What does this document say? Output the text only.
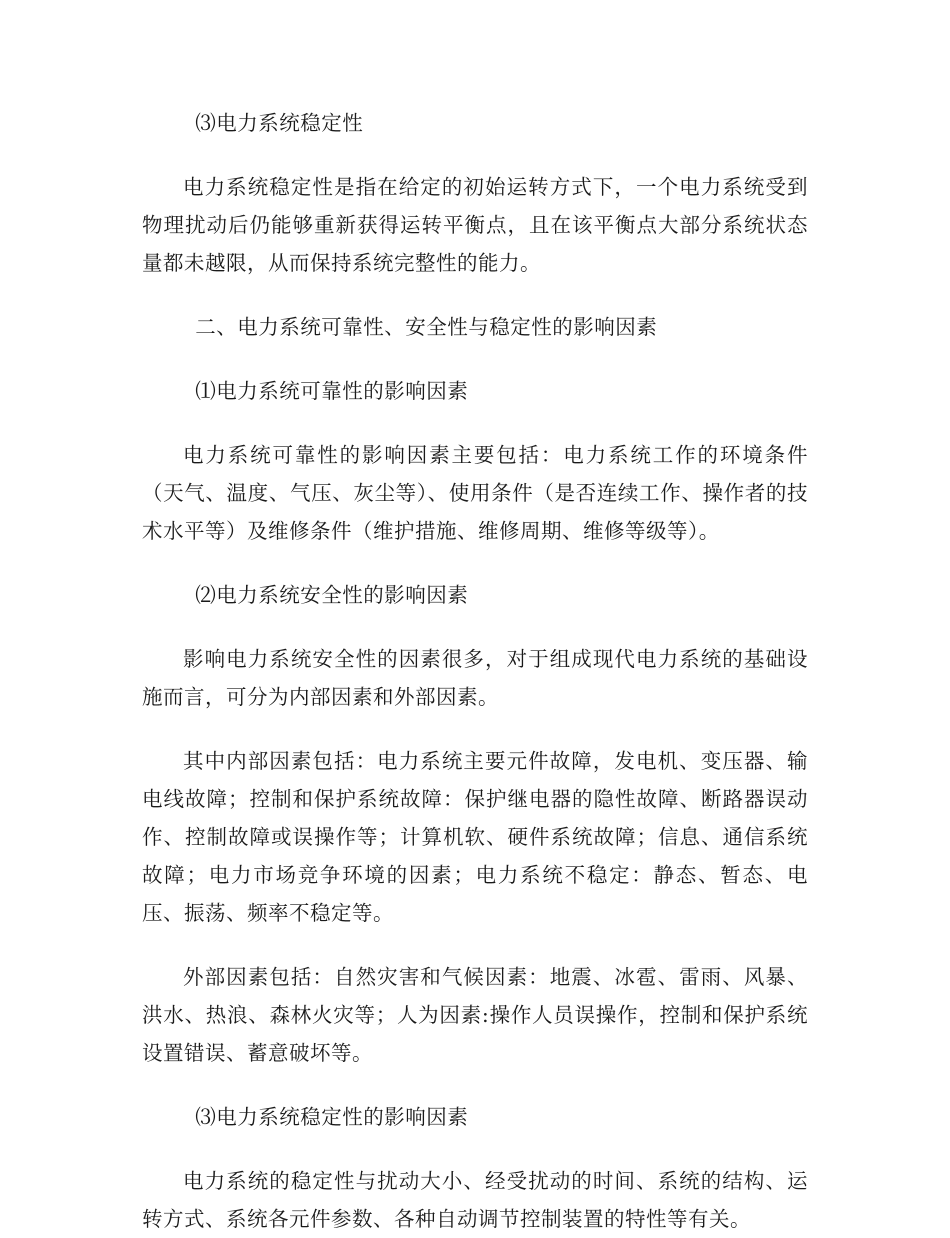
⑶电力系统稳定性

电力系统稳定性是指在给定的初始运转方式下，一个电力系统受到物理扰动后仍能够重新获得运转平衡点，且在该平衡点大部分系统状态量都未越限，从而保持系统完整性的能力。

二、电力系统可靠性、安全性与稳定性的影响因素

⑴电力系统可靠性的影响因素

电力系统可靠性的影响因素主要包括：电力系统工作的环境条件（天气、温度、气压、灰尘等）、使用条件（是否连续工作、操作者的技术水平等）及维修条件（维护措施、维修周期、维修等级等）。

⑵电力系统安全性的影响因素

影响电力系统安全性的因素很多，对于组成现代电力系统的基础设施而言，可分为内部因素和外部因素。

其中内部因素包括：电力系统主要元件故障，发电机、变压器、输电线故障；控制和保护系统故障：保护继电器的隐性故障、断路器误动作、控制故障或误操作等；计算机软、硬件系统故障；信息、通信系统故障；电力市场竞争环境的因素；电力系统不稳定：静态、暂态、电压、振荡、频率不稳定等。

外部因素包括：自然灾害和气候因素：地震、冰雹、雷雨、风暴、洪水、热浪、森林火灾等；人为因素:操作人员误操作，控制和保护系统设置错误、蓄意破坏等。

⑶电力系统稳定性的影响因素

电力系统的稳定性与扰动大小、经受扰动的时间、系统的结构、运转方式、系统各元件参数、各种自动调节控制装置的特性等有关。
